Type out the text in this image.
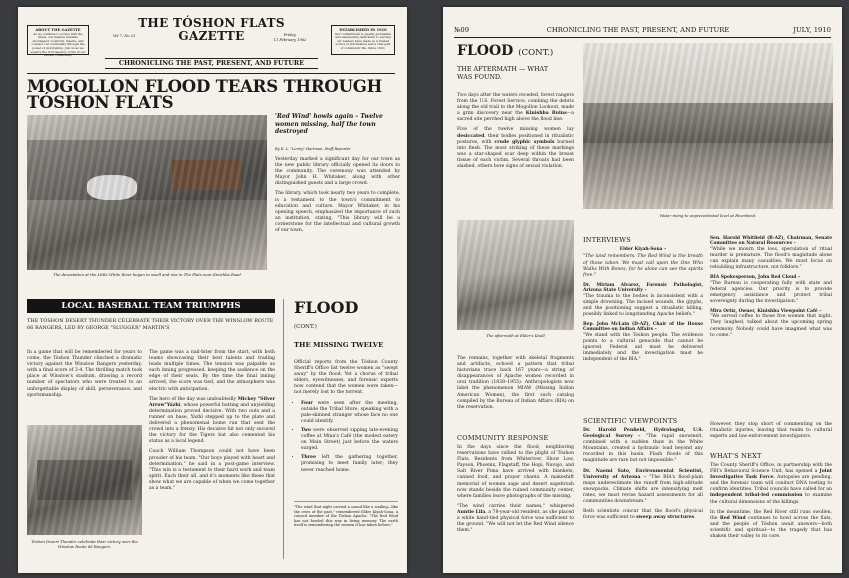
ABOUT THE GAZETTE
As we continue to evolve with the times, our mission remains unchanged: to inform, inspire, and connect our community through the power of storytelling. Join us as we explore the rich tapestry of life in our vibrant community.
THE TÓSHON FLATS
GAZETTE
Vol 7, No 23	Friday,
11 February 1962
ESTABLISHED IN 1910
Our commitment to quality journalism and unwavering dedication to serving our readers have made us a trusted source of information and a vital part of community life. Since 1910.
CHRONICLING THE PAST, PRESENT, AND FUTURE
MOGOLLON FLOOD TEARS THROUGH
TÓSHON FLATS
The devastation at the Little White River began to swell and rise in The Flats near Kinishba Road
'Red Wind' howls again – Twelve women missing, half the town destroyed
By E. L. "Lenny" Hartman, Staff Reporter

Yesterday marked a significant day for our town as the new public library officially opened its doors to the community. The ceremony was attended by Mayor John H. Whitaker, along with other distinguished guests and a large crowd.

The library, which took nearly two years to complete, is a testament to the town's commitment to education and culture. Mayor Whitaker, in his opening speech, emphasized the importance of such an institution, stating, "This library will be a cornerstone for the intellectual and cultural growth of our town.

LOCAL BASEBALL TEAM TRIUMPHS
THE TÓSHON DESERT THUNDER CELEBRATE THEIR VICTORY OVER THE WINSLOW ROUTE 66 RANGERS, LED BY GEORGE "SLUGGER" MARTIN'S

In a game that will be remembered for years to come, the Tóshon Thunder clinched a dramatic victory against the Winslow Rangers yesterday, with a final score of 3-4. The thrilling match took place at Winslow's stadium, drawing a record number of spectators who were treated to an unforgettable display of skill, perseverance, and sportsmanship.

Tóshon Desert Thunder celebrate their victory over the Winslow Route 66 Rangers.

The game was a nail-biter from the start, with both teams showcasing their best talents and trading leads multiple times. The tension was palpable as each inning progressed, keeping the audience on the edge of their seats. By the time the final inning arrived, the score was tied, and the atmosphere was electric with anticipation.

The hero of the day was undoubtedly Mickey "Silver Arrow"Yázhí, whose powerful batting and unyielding determination proved decisive. With two outs and a runner on base, Yázhí stepped up to the plate and delivered a phenomenal home run that sent the crowd into a frenzy. His decisive hit not only secured the victory for the Tigers but also cemented his status as a local legend.

Coach William Thompson could not have been prouder of his team. "Our boys played with heart and determination," he said in a post-game interview. "This win is a testament to their hard work and team spirit. Each their all, and it's moments like these that show what we are capable of when we come together as a team."

FLOOD
(CONT.)
THE MISSING TWELVE

Official reports from the Tóshon County Sheriff's Office list twelve women as "swept away" by the flood. Yet a chorus of tribal elders, eyewitnesses, and forensic experts now contend that the women were taken—not merely lost to the torrent.

• Four were seen after the meeting, outside the Tribal Store, speaking with a pale-skinned stranger whose face no one could identify.
• Two were observed sipping late-evening coffee at Mina's Café (the modest eatery on Main Street) just before the waters surged.
• Three left the gathering together, promising to meet family later; they never reached home.
"The wind that night carried a sound like a wailing—like the cries of the past," remembered Elder Kiyah-Sona, a council member of the Tóshon Apache. "The Red Wind has not howled this way in living memory. The earth itself is remembering the women it has taken before."
№09	CHRONICLING THE PAST, PRESENT, AND FUTURE	JULY, 1910
FLOOD (CONT.)
THE AFTERMATH — WHAT
WAS FOUND.

Two days after the waters receded, forest rangers from the U.S. Forest Service, combing the debris along the old trail to the Mogollon Lookout, made a grim discovery near the Kinishba Ruins—a sacred site perched high above the flood line.

Five of the twelve missing women lay desiccated, their bodies positioned in ritualistic postures, with crude glyphic symbols burned into flesh. The most striking of these markings was a star-shaped scar deep within the breast tissue of each victim. Several throats had been slashed, others bore signs of sexual violation.

Water rising to unprecedented level at Riverbend.
The aftermath at Elder's Knoll

The remains, together with skeletal fragments and artifacts, echoed a pattern that tribal historians trace back 167 years—a string of disappearances of Apache women recorded in oral tradition (1838–1955). Anthropologists now label the phenomenon MIAW (Missing Indian American Women), the first such catalog compiled by the Bureau of Indian Affairs (BIA) on the reservation.

COMMUNITY RESPONSE

In the days since the flood, neighboring reservations have rallied to the plight of Tóshon Flats. Residents from Whiteriver, Show Low, Payson, Phoenix, Flagstaff, the Hopi, Navajo, and Salt River Pima have arrived with blankets, canned food, and prayer chants. A makeshift memorial of women sage and desert sagebrush now stands beside the ruined community center, where families leave photographs of the missing.

"The wind carries their names," whispered Auntie Lila, a 78-year-old resident, as she placed a white hand-tied physical force was sufficient to the ground. "We will not let the Red Wind silence them."

INTERVIEWS
Elder Kiyah-Sona –

"The land remembers. The Red Wind is the breath of those taken. We must call upon the One Who Walks With Bones, for he alone can see the spirits free."

Dr. Miriam Alvarez, Forensic Pathologist, Arizona State University –

"The trauma to the bodies is inconsistent with a simple drowning. The incised wounds, the glyphs, and the positioning suggest a ritualistic killing, possibly linked to longstanding Apache beliefs."

Rep. John McLain (D-AZ), Chair of the House Committee on Indian Affairs –

"We stand with the Tóshon people. The evidence points to a cultural genocide that cannot be ignored. Federal aid must be delivered immediately and the investigation must be independent of the BIA."

Sen. Harold Whitfield (R-AZ), Chairman, Senate Committee on Natural Resources –

"While we mourn the loss, speculation of ritual murder is premature. The flood's magnitude alone can explain many casualties. We must focus on rebuilding infrastructure, not folklore."

BIA Spokesperson, John Red Cloud –

"The Bureau is cooperating fully with state and federal agencies. Our priority is to provide emergency assistance and protect tribal sovereignty during the investigation."

Mira Ortiz, Owner, Kinishba Viewpoint Café –

"We served coffee to those five women that night. They laughed, talked about the upcoming spring ceremony. Nobody could have imagined what was to come."

SCIENTIFIC VIEWPOINTS

Dr. Harold Penfield, Hydrologist, U.S. Geological Survey – "The rapid snowmelt, combined with a sudden thaw in the White Mountains, created a hydraulic load beyond any recorded in this basin. Flash floods of this magnitude are rare but not impossible."

Dr. Naomi Sato, Environmental Scientist, University of Arizona – "The BIA's flood-plain maps underestimate the runoff from high-altitude snowpacks. Climate shifts are intensifying melt rates, we must revise hazard assessments for all communities downstream."

Both scientists concur that the flood's physical force was sufficient to sweep away structures.

However, they stop short of commenting on the ritualistic injuries, leaving that realm to cultural experts and law-enforcement investigators.

WHAT'S NEXT

The County Sheriff's Office, in partnership with the FBI's Behavioral Science Unit, has opened a Joint Investigative Task Force. Autopsies are pending, and the forensic team will conduct DNA testing to confirm identities. Tribal councils have called for an independent tribal-led commission to examine the cultural dimensions of the killings.

In the meantime, the Red River still runs swollen, the Red Wind continues to howl across the flats, and the people of Tóshon await answers—both scientific and spiritual—to the tragedy that has shaken their valley to its core.
